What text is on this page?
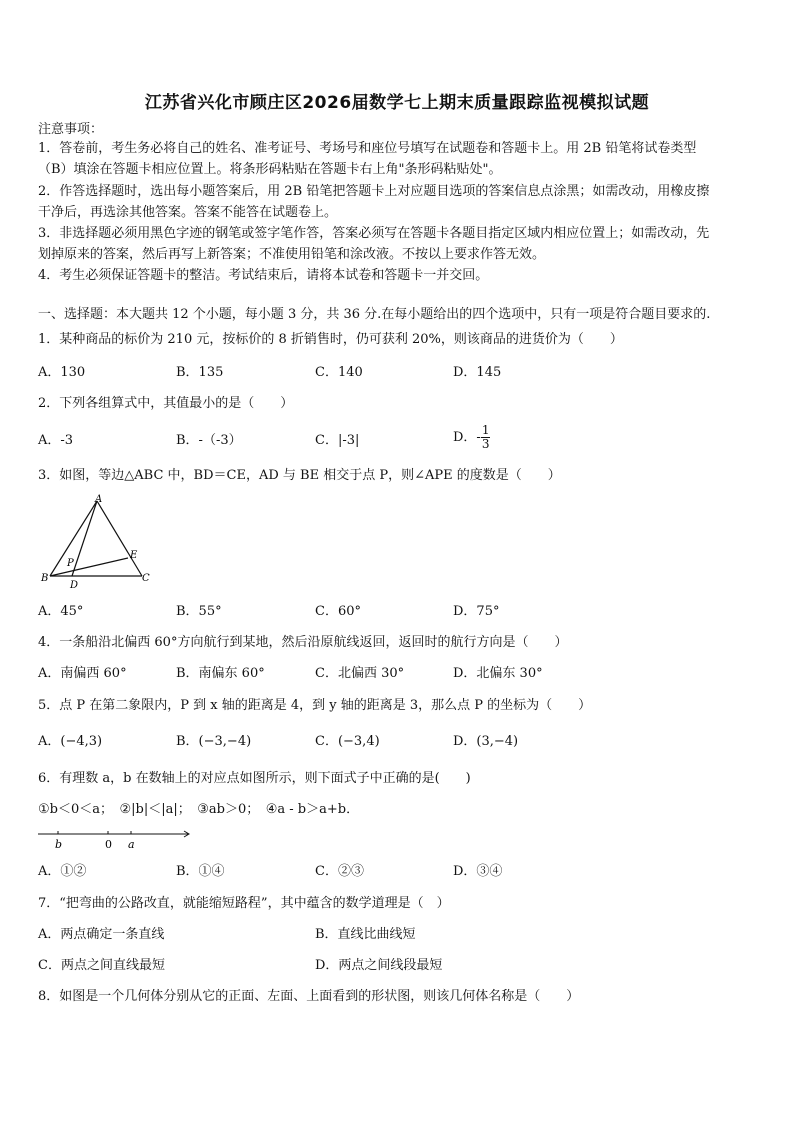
江苏省兴化市顾庄区2026届数学七上期末质量跟踪监视模拟试题
注意事项：
1．答卷前，考生务必将自己的姓名、准考证号、考场号和座位号填写在试题卷和答题卡上。用 2B 铅笔将试卷类型
（B）填涂在答题卡相应位置上。将条形码粘贴在答题卡右上角"条形码粘贴处"。
2．作答选择题时，选出每小题答案后，用 2B 铅笔把答题卡上对应题目选项的答案信息点涂黑；如需改动，用橡皮擦
干净后，再选涂其他答案。答案不能答在试题卷上。
3．非选择题必须用黑色字迹的钢笔或签字笔作答，答案必须写在答题卡各题目指定区域内相应位置上；如需改动，先
划掉原来的答案，然后再写上新答案；不准使用铅笔和涂改液。不按以上要求作答无效。
4．考生必须保证答题卡的整洁。考试结束后，请将本试卷和答题卡一并交回。
一、选择题：本大题共 12 个小题，每小题 3 分，共 36 分.在每小题给出的四个选项中，只有一项是符合题目要求的.
1．某种商品的标价为 210 元，按标价的 8 折销售时，仍可获利 20%，则该商品的进货价为（　　）
A．130	B．135	C．140	D．145
2．下列各组算式中，其值最小的是（　　）
A．-3	B．-（-3）	C．|-3|	D．- $\frac{1}{3}$
3．如图，等边△ABC 中，BD＝CE，AD 与 BE 相交于点 P，则∠APE 的度数是（　　）
A
B	C
D
E
P
A．45°	B．55°	C．60°	D．75°
4．一条船沿北偏西 60°方向航行到某地，然后沿原航线返回，返回时的航行方向是（　　）
A．南偏西 60°	B．南偏东 60°	C．北偏西 30°	D．北偏东 30°
5．点 P 在第二象限内，P 到 x 轴的距离是 4，到 y 轴的距离是 3，那么点 P 的坐标为（　　）
A．(−4,3)	B．(−3,−4)	C．(−3,4)	D．(3,−4)
6．有理数 a，b 在数轴上的对应点如图所示，则下面式子中正确的是(　　)
①b＜0＜a；　②|b|＜|a|；　③ab＞0；　④a - b＞a+b．
b	0 a
A．①②	B．①④	C．②③	D．③④
7．“把弯曲的公路改直，就能缩短路程”，其中蕴含的数学道理是（　）
A．两点确定一条直线	B．直线比曲线短
C．两点之间直线最短	D．两点之间线段最短
8．如图是一个几何体分别从它的正面、左面、上面看到的形状图，则该几何体名称是（　　）
